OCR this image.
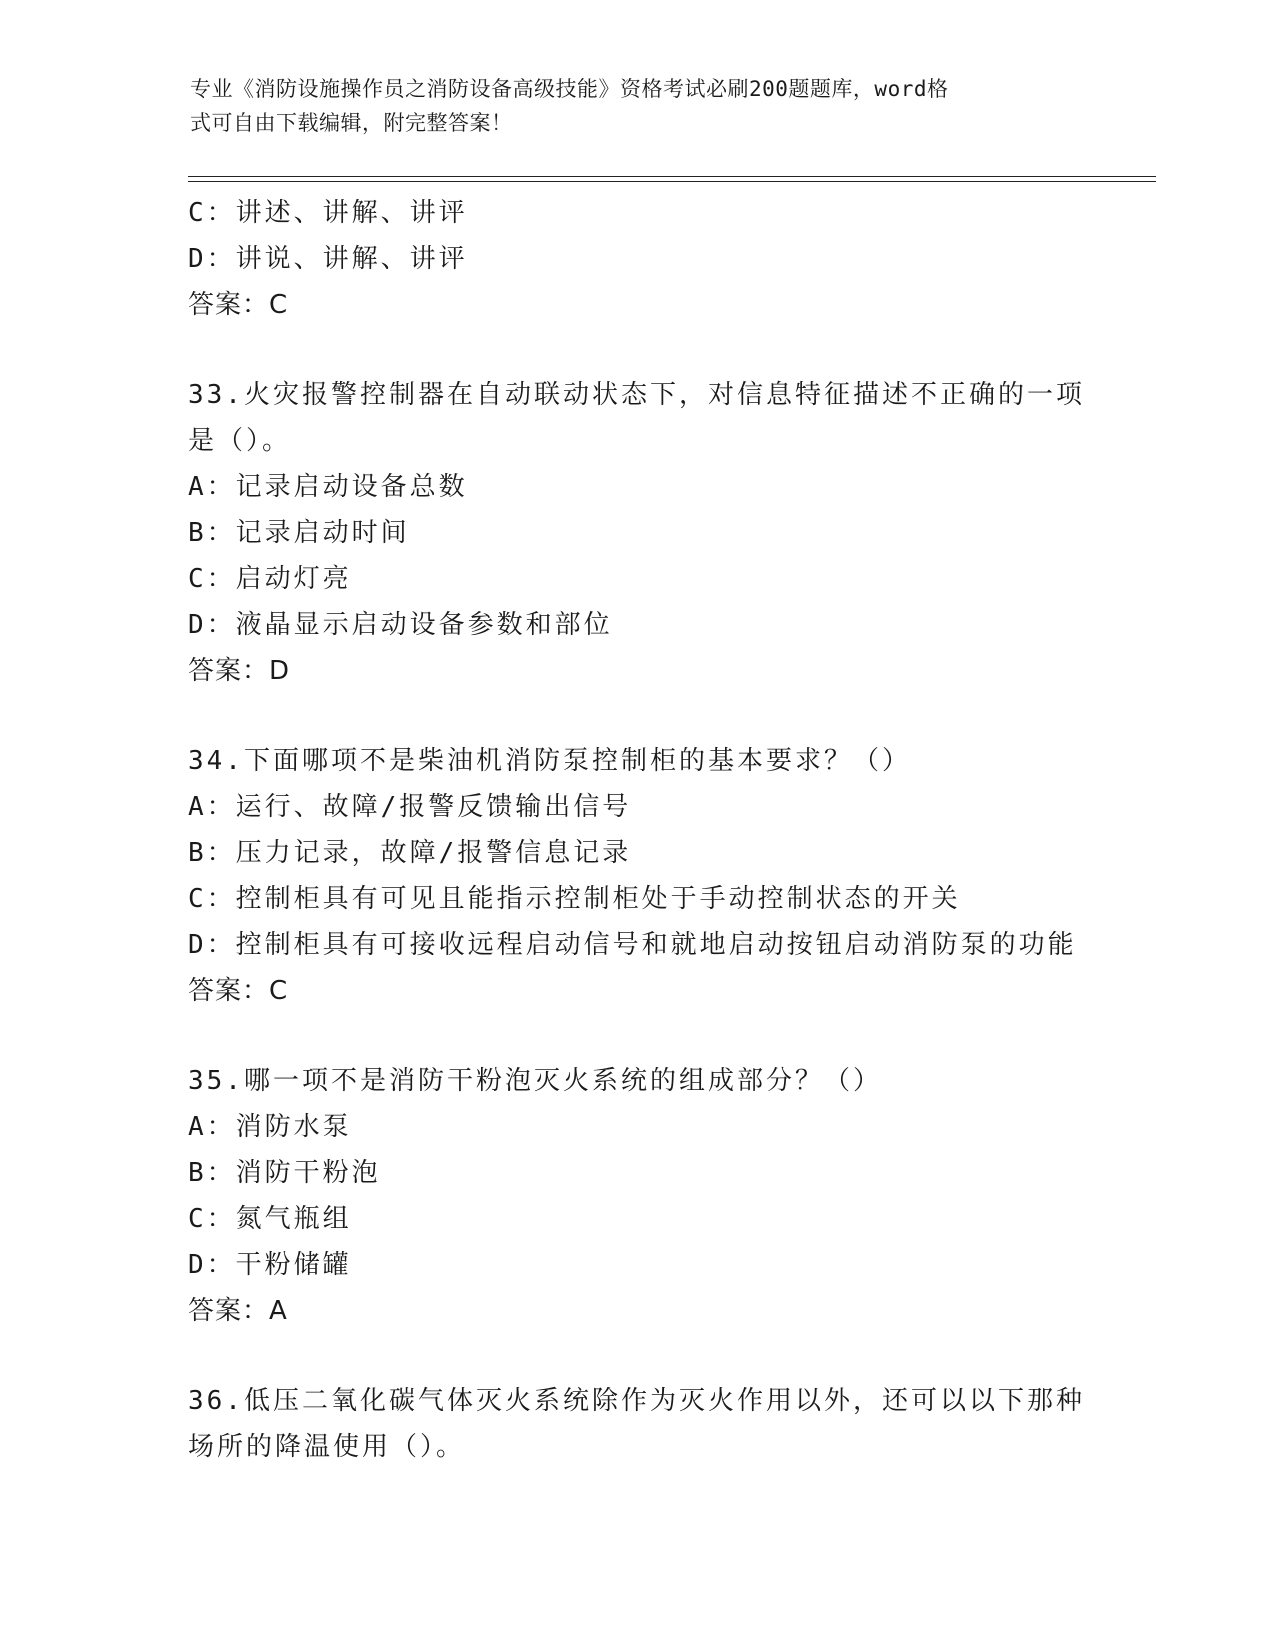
专业《消防设施操作员之消防设备高级技能》资格考试必刷200题题库，word格
式可自由下载编辑，附完整答案！
C：讲述、讲解、讲评
D：讲说、讲解、讲评
答案：C
33.火灾报警控制器在自动联动状态下，对信息特征描述不正确的一项
是（）。
A：记录启动设备总数
B：记录启动时间
C：启动灯亮
D：液晶显示启动设备参数和部位
答案：D
34.下面哪项不是柴油机消防泵控制柜的基本要求？（）
A：运行、故障/报警反馈输出信号
B：压力记录，故障/报警信息记录
C：控制柜具有可见且能指示控制柜处于手动控制状态的开关
D：控制柜具有可接收远程启动信号和就地启动按钮启动消防泵的功能
答案：C
35.哪一项不是消防干粉泡灭火系统的组成部分？（）
A：消防水泵
B：消防干粉泡
C：氮气瓶组
D：干粉储罐
答案：A
36.低压二氧化碳气体灭火系统除作为灭火作用以外，还可以以下那种
场所的降温使用（）。
